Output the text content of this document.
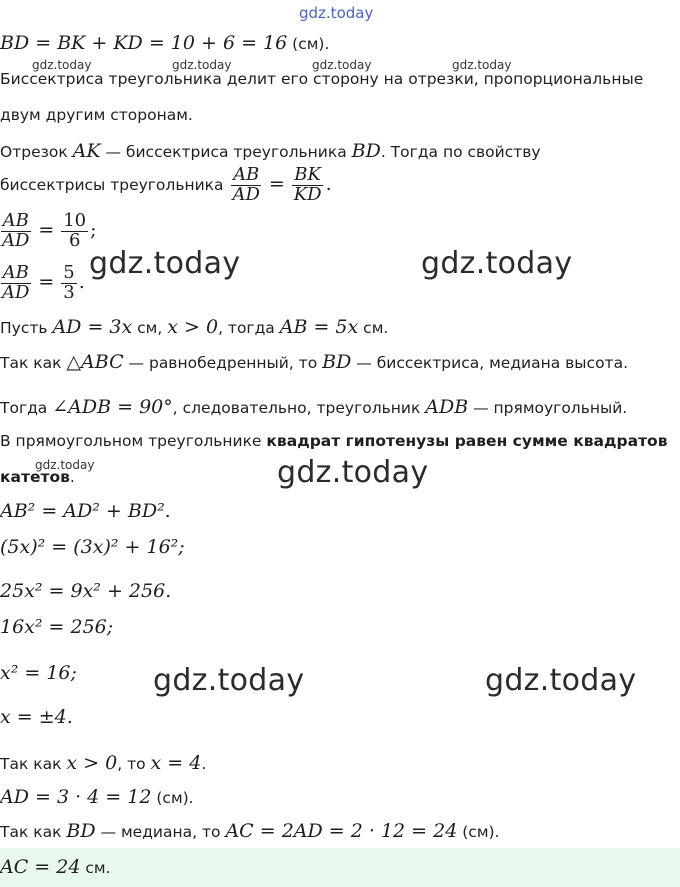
gdz.today
gdz.today	gdz.today	gdz.today	gdz.today
gdz.today	gdz.today
gdz.today	gdz.today
gdz.today	gdz.today
BD = BK + KD = 10 + 6 = 16 (см).
Биссектриса треугольника делит его сторону на отрезки, пропорциональные
двум другим сторонам.
Отрезок AK — биссектриса треугольника BD. Тогда по свойству
биссектрисы треугольника $\frac{AB}{AD} = \frac{BK}{KD}$ .
$\frac{AB}{AD} = \frac{10}{6}$ ;
$\frac{AB}{AD} = \frac{5}{3}$ .
Пусть AD = 3x см, x > 0, тогда AB = 5x см.
Так как △ABC — равнобедренный, то BD — биссектриса, медиана высота.
Тогда ∠ADB = 90°, следовательно, треугольник ADB — прямоугольный.
В прямоугольном треугольнике квадрат гипотенузы равен сумме квадратов
катетов.
AB² = AD² + BD².
(5x)² = (3x)² + 16²;
25x² = 9x² + 256.
16x² = 256;
x² = 16;
x = ±4.
Так как x > 0, то x = 4.
AD = 3 · 4 = 12 (см).
Так как BD — медиана, то AC = 2AD = 2 · 12 = 24 (см).
AC = 24 см.
